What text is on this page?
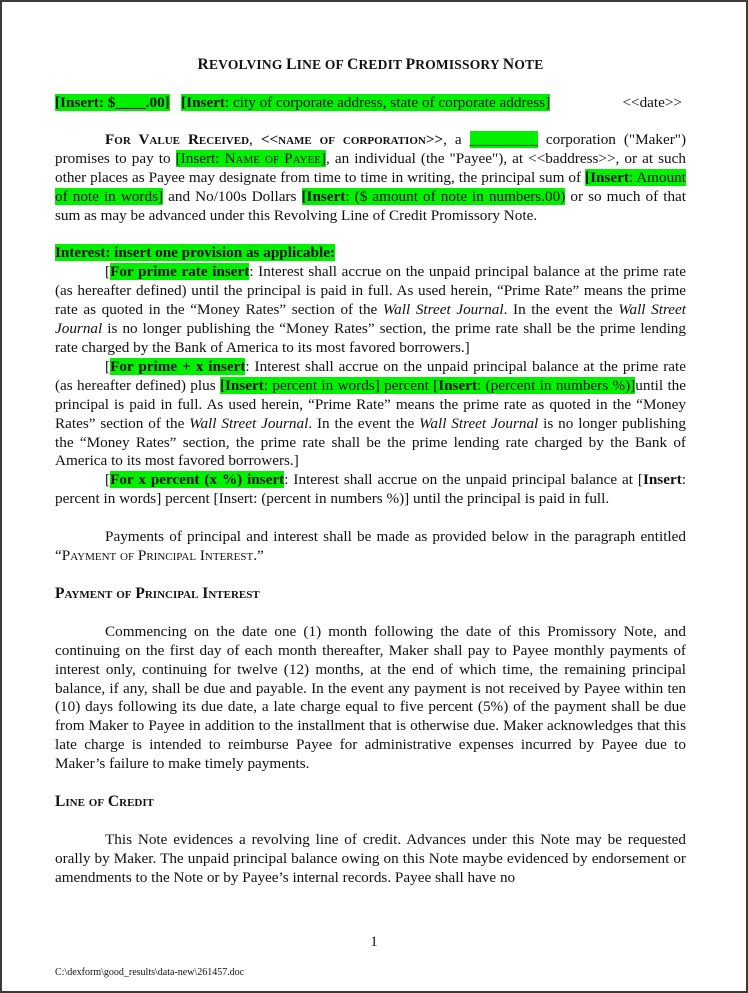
REVOLVING LINE OF CREDIT PROMISSORY NOTE
[Insert: $____.00] [Insert: city of corporate address, state of corporate address]	<<date>>

For Value Received, <<name of corporation>>, a _________ corporation ("Maker") promises to pay to [Insert: Name of Payee], an individual (the "Payee"), at <<baddress>>, or at such other places as Payee may designate from time to time in writing, the principal sum of [Insert: Amount of note in words] and No/100s Dollars [Insert: ($ amount of note in numbers.00) or so much of that sum as may be advanced under this Revolving Line of Credit Promissory Note.

Interest: insert one provision as applicable:

[For prime rate insert: Interest shall accrue on the unpaid principal balance at the prime rate (as hereafter defined) until the principal is paid in full. As used herein, “Prime Rate” means the prime rate as quoted in the “Money Rates” section of the Wall Street Journal. In the event the Wall Street Journal is no longer publishing the “Money Rates” section, the prime rate shall be the prime lending rate charged by the Bank of America to its most favored borrowers.]

[For prime + x insert: Interest shall accrue on the unpaid principal balance at the prime rate (as hereafter defined) plus [Insert: percent in words] percent [Insert: (percent in numbers %)]until the principal is paid in full. As used herein, “Prime Rate” means the prime rate as quoted in the “Money Rates” section of the Wall Street Journal. In the event the Wall Street Journal is no longer publishing the “Money Rates” section, the prime rate shall be the prime lending rate charged by the Bank of America to its most favored borrowers.]

[For x percent (x %) insert: Interest shall accrue on the unpaid principal balance at [Insert: percent in words] percent [Insert: (percent in numbers %)] until the principal is paid in full.

Payments of principal and interest shall be made as provided below in the paragraph entitled “Payment of Principal Interest.”

Payment of Principal Interest

Commencing on the date one (1) month following the date of this Promissory Note, and continuing on the first day of each month thereafter, Maker shall pay to Payee monthly payments of interest only, continuing for twelve (12) months, at the end of which time, the remaining principal balance, if any, shall be due and payable. In the event any payment is not received by Payee within ten (10) days following its due date, a late charge equal to five percent (5%) of the payment shall be due from Maker to Payee in addition to the installment that is otherwise due. Maker acknowledges that this late charge is intended to reimburse Payee for administrative expenses incurred by Payee due to Maker’s failure to make timely payments.

Line of Credit

This Note evidences a revolving line of credit. Advances under this Note may be requested orally by Maker. The unpaid principal balance owing on this Note maybe evidenced by endorsement or amendments to the Note or by Payee’s internal records. Payee shall have no

1
C:\dexform\good_results\data-new\261457.doc
